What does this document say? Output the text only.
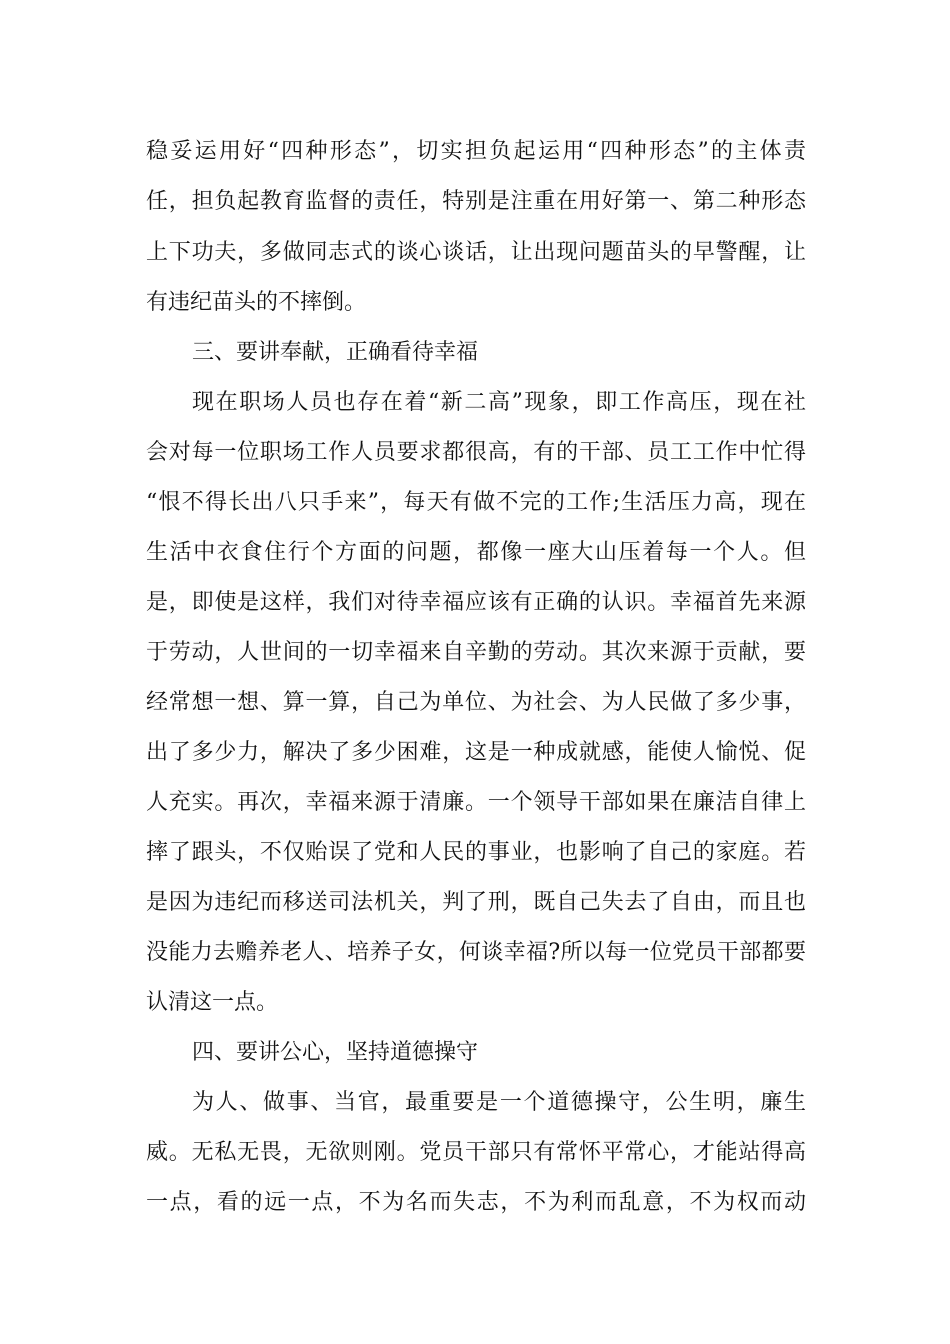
稳妥运用好“四种形态”，切实担负起运用“四种形态”的主体责
任，担负起教育监督的责任，特别是注重在用好第一、第二种形态
上下功夫，多做同志式的谈心谈话，让出现问题苗头的早警醒，让
有违纪苗头的不摔倒。
三、要讲奉献，正确看待幸福
现在职场人员也存在着“新二高”现象，即工作高压，现在社
会对每一位职场工作人员要求都很高，有的干部、员工工作中忙得
“恨不得长出八只手来”，每天有做不完的工作;生活压力高，现在
生活中衣食住行个方面的问题，都像一座大山压着每一个人。但
是，即使是这样，我们对待幸福应该有正确的认识。幸福首先来源
于劳动，人世间的一切幸福来自辛勤的劳动。其次来源于贡献，要
经常想一想、算一算，自己为单位、为社会、为人民做了多少事，
出了多少力，解决了多少困难，这是一种成就感，能使人愉悦、促
人充实。再次，幸福来源于清廉。一个领导干部如果在廉洁自律上
摔了跟头，不仅贻误了党和人民的事业，也影响了自己的家庭。若
是因为违纪而移送司法机关，判了刑，既自己失去了自由，而且也
没能力去赡养老人、培养子女，何谈幸福?所以每一位党员干部都要
认清这一点。
四、要讲公心，坚持道德操守
为人、做事、当官，最重要是一个道德操守，公生明，廉生
威。无私无畏，无欲则刚。党员干部只有常怀平常心，才能站得高
一点，看的远一点，不为名而失志，不为利而乱意，不为权而动
